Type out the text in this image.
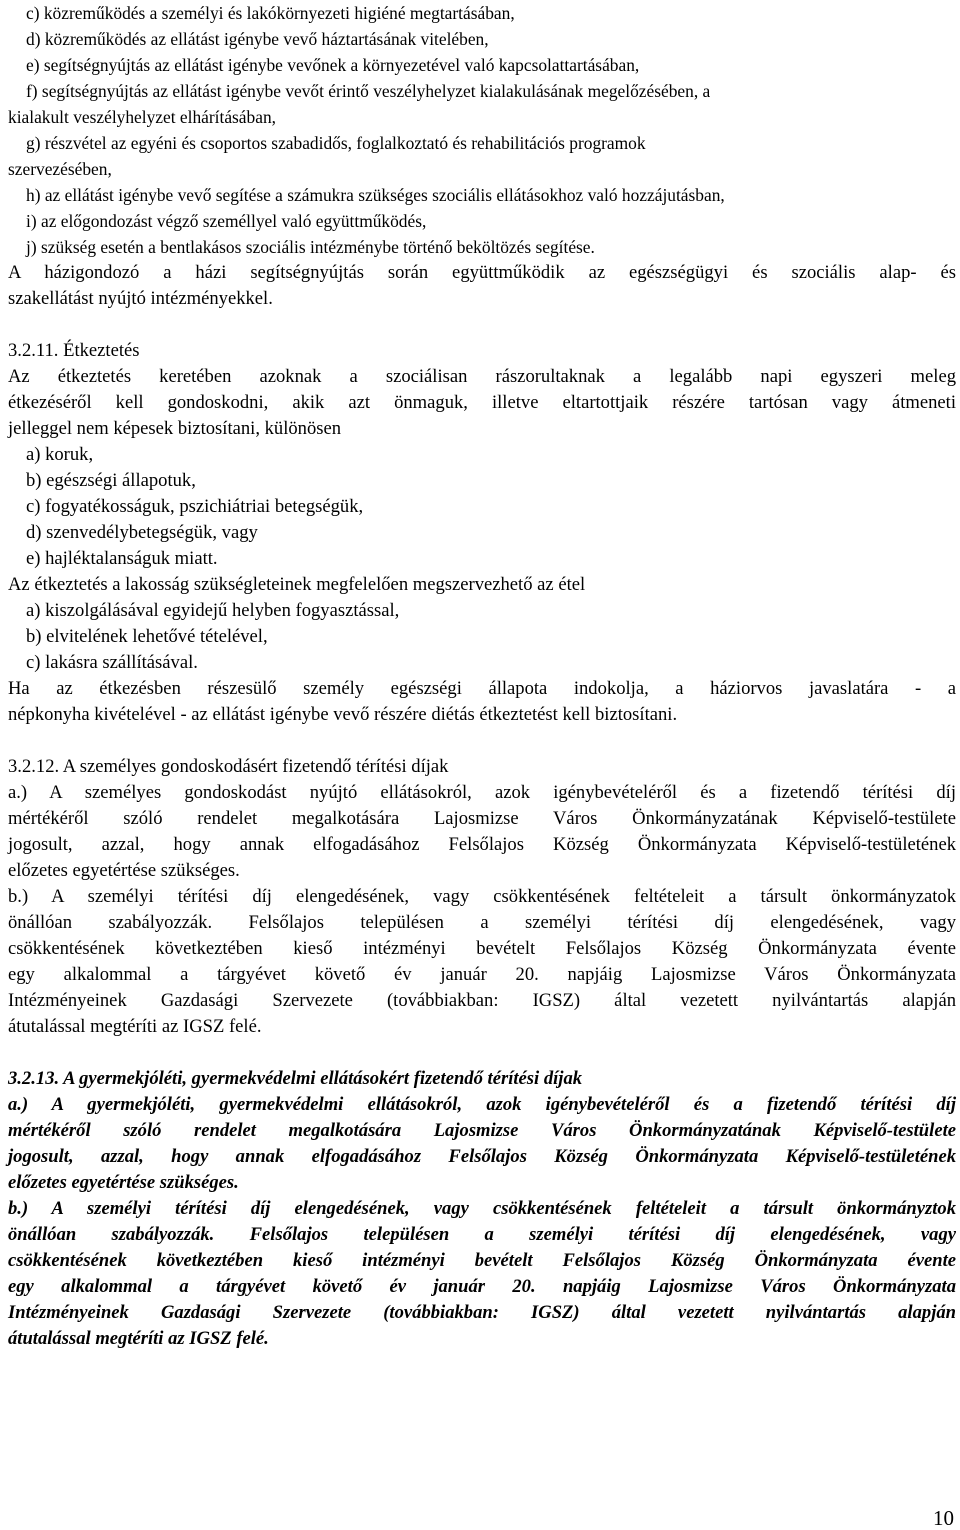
c) közreműködés a személyi és lakókörnyezeti higiéné megtartásában,
d) közreműködés az ellátást igénybe vevő háztartásának vitelében,
e) segítségnyújtás az ellátást igénybe vevőnek a környezetével való kapcsolattartásában,
f) segítségnyújtás az ellátást igénybe vevőt érintő veszélyhelyzet kialakulásának megelőzésében, a
kialakult veszélyhelyzet elhárításában,
g) részvétel az egyéni és csoportos szabadidős, foglalkoztató és rehabilitációs programok
szervezésében,
h) az ellátást igénybe vevő segítése a számukra szükséges szociális ellátásokhoz való hozzájutásban,
i) az előgondozást végző személlyel való együttműködés,
j) szükség esetén a bentlakásos szociális intézménybe történő beköltözés segítése.
A házigondozó a házi segítségnyújtás során együttműködik az egészségügyi és szociális alap- és
szakellátást nyújtó intézményekkel.
3.2.11. Étkeztetés
Az étkeztetés keretében azoknak a szociálisan rászorultaknak a legalább napi egyszeri meleg
étkezéséről kell gondoskodni, akik azt önmaguk, illetve eltartottjaik részére tartósan vagy átmeneti
jelleggel nem képesek biztosítani, különösen
a) koruk,
b) egészségi állapotuk,
c) fogyatékosságuk, pszichiátriai betegségük,
d) szenvedélybetegségük, vagy
e) hajléktalanságuk miatt.
Az étkeztetés a lakosság szükségleteinek megfelelően megszervezhető az étel
a) kiszolgálásával egyidejű helyben fogyasztással,
b) elvitelének lehetővé tételével,
c) lakásra szállításával.
Ha az étkezésben részesülő személy egészségi állapota indokolja, a háziorvos javaslatára - a
népkonyha kivételével - az ellátást igénybe vevő részére diétás étkeztetést kell biztosítani.
3.2.12. A személyes gondoskodásért fizetendő térítési díjak
a.) A személyes gondoskodást nyújtó ellátásokról, azok igénybevételéről és a fizetendő térítési díj
mértékéről szóló rendelet megalkotására Lajosmizse Város Önkormányzatának Képviselő-testülete
jogosult, azzal, hogy annak elfogadásához Felsőlajos Község Önkormányzata Képviselő-testületének
előzetes egyetértése szükséges.
b.) A személyi térítési díj elengedésének, vagy csökkentésének feltételeit a társult önkormányzatok
önállóan szabályozzák. Felsőlajos településen a személyi térítési díj elengedésének, vagy
csökkentésének következtében kieső intézményi bevételt Felsőlajos Község Önkormányzata évente
egy alkalommal a tárgyévet követő év január 20. napjáig Lajosmizse Város Önkormányzata
Intézményeinek Gazdasági Szervezete (továbbiakban: IGSZ) által vezetett nyilvántartás alapján
átutalással megtéríti az IGSZ felé.
3.2.13. A gyermekjóléti, gyermekvédelmi ellátásokért fizetendő térítési díjak
a.) A gyermekjóléti, gyermekvédelmi ellátásokról, azok igénybevételéről és a fizetendő térítési díj
mértékéről szóló rendelet megalkotására Lajosmizse Város Önkormányzatának Képviselő-testülete
jogosult, azzal, hogy annak elfogadásához Felsőlajos Község Önkormányzata Képviselő-testületének
előzetes egyetértése szükséges.
b.) A személyi térítési díj elengedésének, vagy csökkentésének feltételeit a társult önkormányztok
önállóan szabályozzák. Felsőlajos településen a személyi térítési díj elengedésének, vagy
csökkentésének következtében kieső intézményi bevételt Felsőlajos Község Önkormányzata évente
egy alkalommal a tárgyévet követő év január 20. napjáig Lajosmizse Város Önkormányzata
Intézményeinek Gazdasági Szervezete (továbbiakban: IGSZ) által vezetett nyilvántartás alapján
átutalással megtéríti az IGSZ felé.
10
